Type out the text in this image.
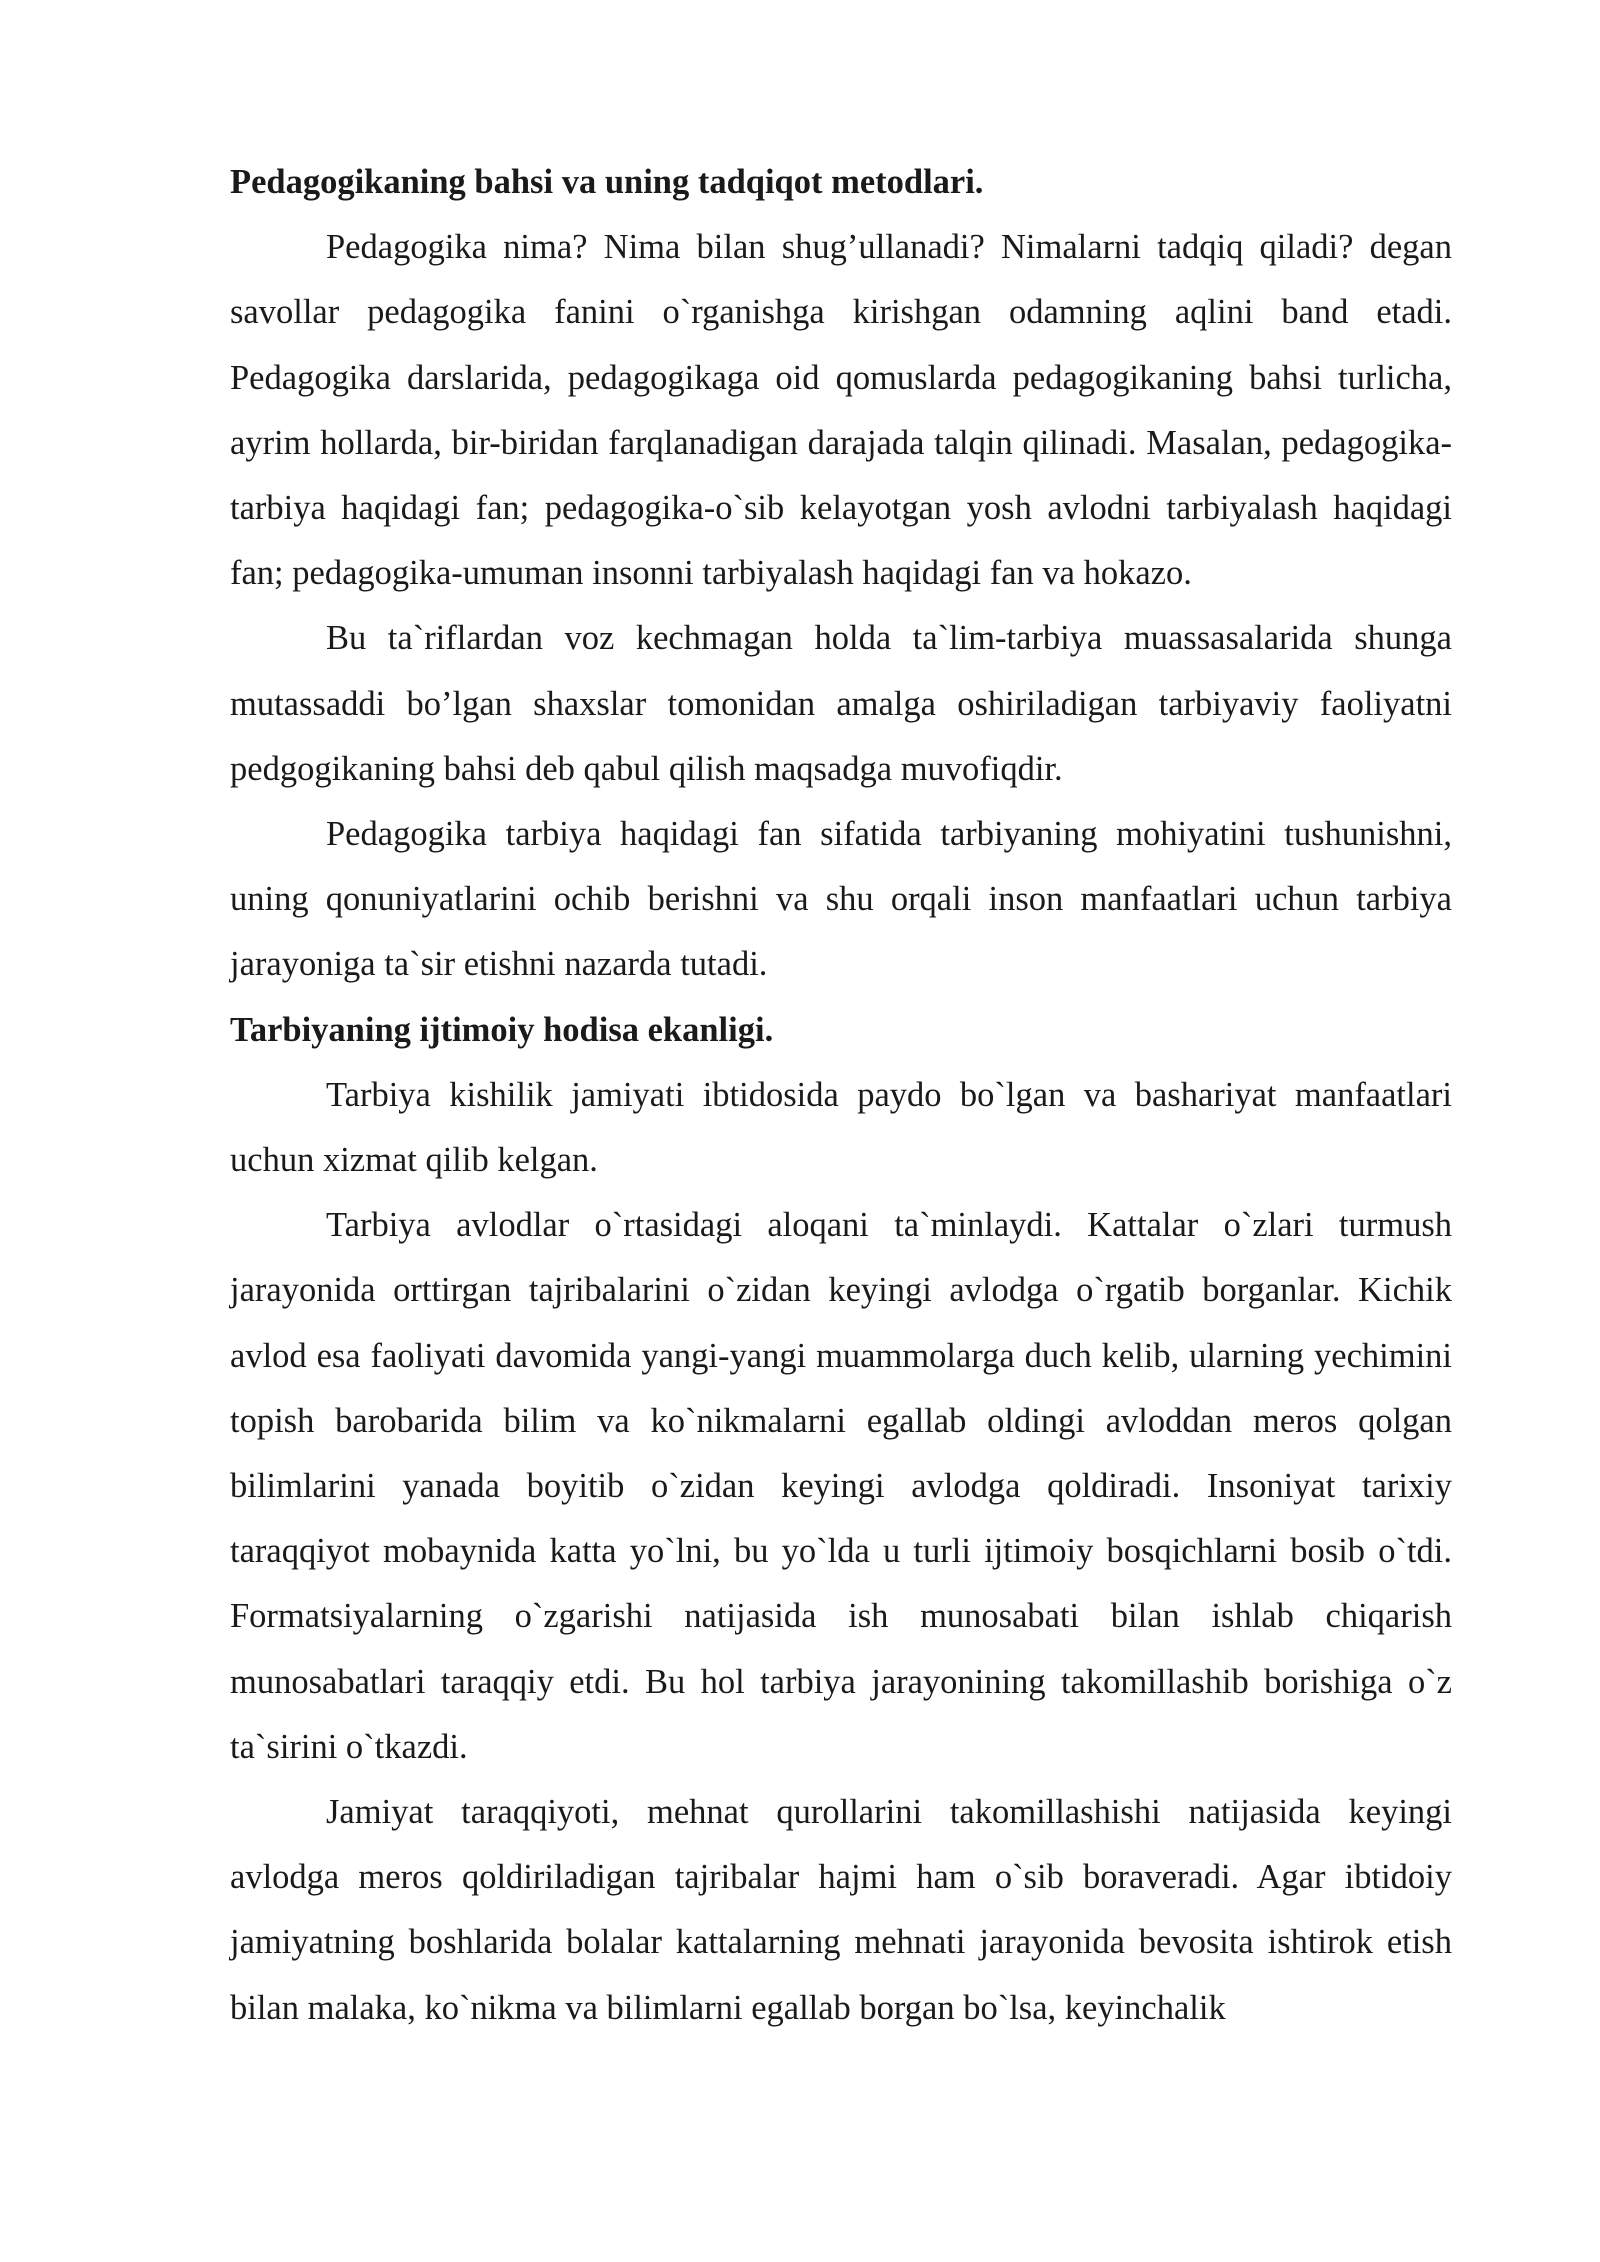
Pedagogikaning bahsi va uning tadqiqot metodlari.

Pedagogika nima? Nima bilan shug’ullanadi? Nimalarni tadqiq qiladi? degan savollar pedagogika fanini o`rganishga kirishgan odamning aqlini band etadi. Pedagogika darslarida, pedagogikaga oid qomuslarda pedagogikaning bahsi turlicha, ayrim hollarda, bir-biridan farqlanadigan darajada talqin qilinadi. Masalan, pedagogika-tarbiya haqidagi fan; pedagogika-o`sib kelayotgan yosh avlodni tarbiyalash haqidagi fan; pedagogika-umuman insonni tarbiyalash haqidagi fan va hokazo.

Bu ta`riflardan voz kechmagan holda ta`lim-tarbiya muassasalarida shunga mutassaddi bo’lgan shaxslar tomonidan amalga oshiriladigan tarbiyaviy faoliyatni pedgogikaning bahsi deb qabul qilish maqsadga muvofiqdir.

Pedagogika tarbiya haqidagi fan sifatida tarbiyaning mohiyatini tushunishni, uning qonuniyatlarini ochib berishni va shu orqali inson manfaatlari uchun tarbiya jarayoniga ta`sir etishni nazarda tutadi.

Tarbiyaning ijtimoiy hodisa ekanligi.

Tarbiya kishilik jamiyati ibtidosida paydo bo`lgan va bashariyat manfaatlari uchun xizmat qilib kelgan.

Tarbiya avlodlar o`rtasidagi aloqani ta`minlaydi. Kattalar o`zlari turmush jarayonida orttirgan tajribalarini o`zidan keyingi avlodga o`rgatib borganlar. Kichik avlod esa faoliyati davomida yangi-yangi muammolarga duch kelib, ularning yechimini topish barobarida bilim va ko`nikmalarni egallab oldingi avloddan meros qolgan bilimlarini yanada boyitib o`zidan keyingi avlodga qoldiradi. Insoniyat tarixiy taraqqiyot mobaynida katta yo`lni, bu yo`lda u turli ijtimoiy bosqichlarni bosib o`tdi. Formatsiyalarning o`zgarishi natijasida ish munosabati bilan ishlab chiqarish munosabatlari taraqqiy etdi. Bu hol tarbiya jarayonining takomillashib borishiga o`z ta`sirini o`tkazdi.

Jamiyat taraqqiyoti, mehnat qurollarini takomillashishi natijasida keyingi avlodga meros qoldiriladigan tajribalar hajmi ham o`sib boraveradi. Agar ibtidoiy jamiyatning boshlarida bolalar kattalarning mehnati jarayonida bevosita ishtirok etish bilan malaka, ko`nikma va bilimlarni egallab borgan bo`lsa, keyinchalik
